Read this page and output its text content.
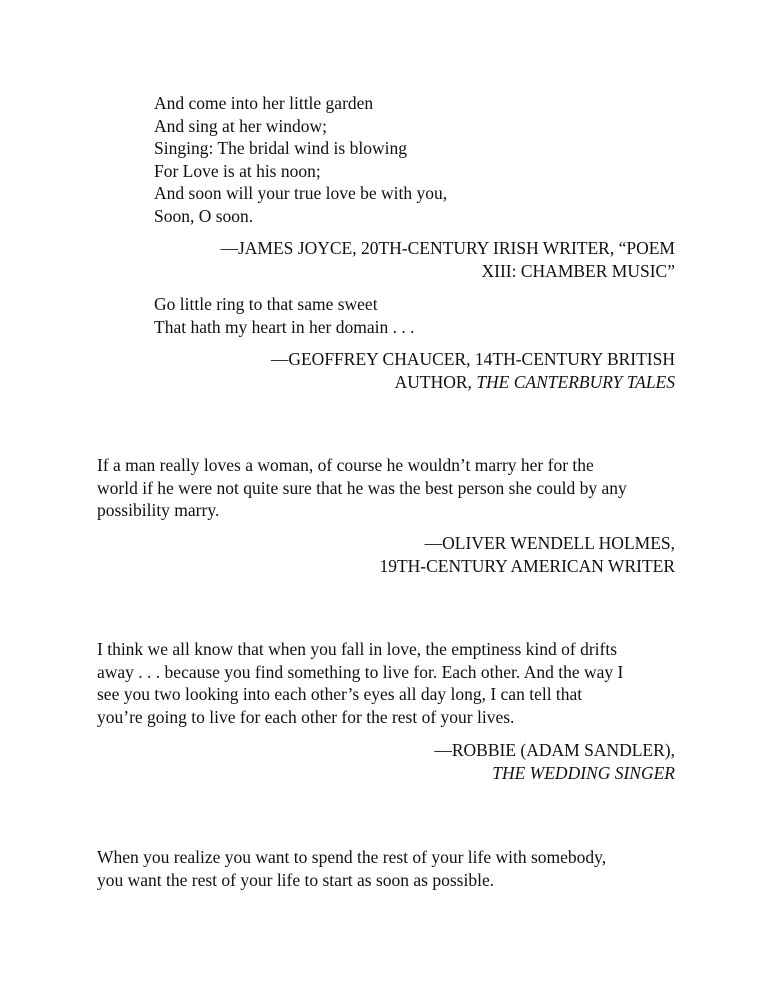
And come into her little garden
And sing at her window;
Singing: The bridal wind is blowing
For Love is at his noon;
And soon will your true love be with you,
Soon, O soon.
—JAMES JOYCE, 20TH-CENTURY IRISH WRITER, “POEM
XIII: CHAMBER MUSIC”
Go little ring to that same sweet
That hath my heart in her domain . . .
—GEOFFREY CHAUCER, 14TH-CENTURY BRITISH
AUTHOR, THE CANTERBURY TALES
If a man really loves a woman, of course he wouldn’t marry her for the
world if he were not quite sure that he was the best person she could by any
possibility marry.
—OLIVER WENDELL HOLMES,
19TH-CENTURY AMERICAN WRITER
I think we all know that when you fall in love, the emptiness kind of drifts
away . . . because you find something to live for. Each other. And the way I
see you two looking into each other’s eyes all day long, I can tell that
you’re going to live for each other for the rest of your lives.
—ROBBIE (ADAM SANDLER),
THE WEDDING SINGER
When you realize you want to spend the rest of your life with somebody,
you want the rest of your life to start as soon as possible.
